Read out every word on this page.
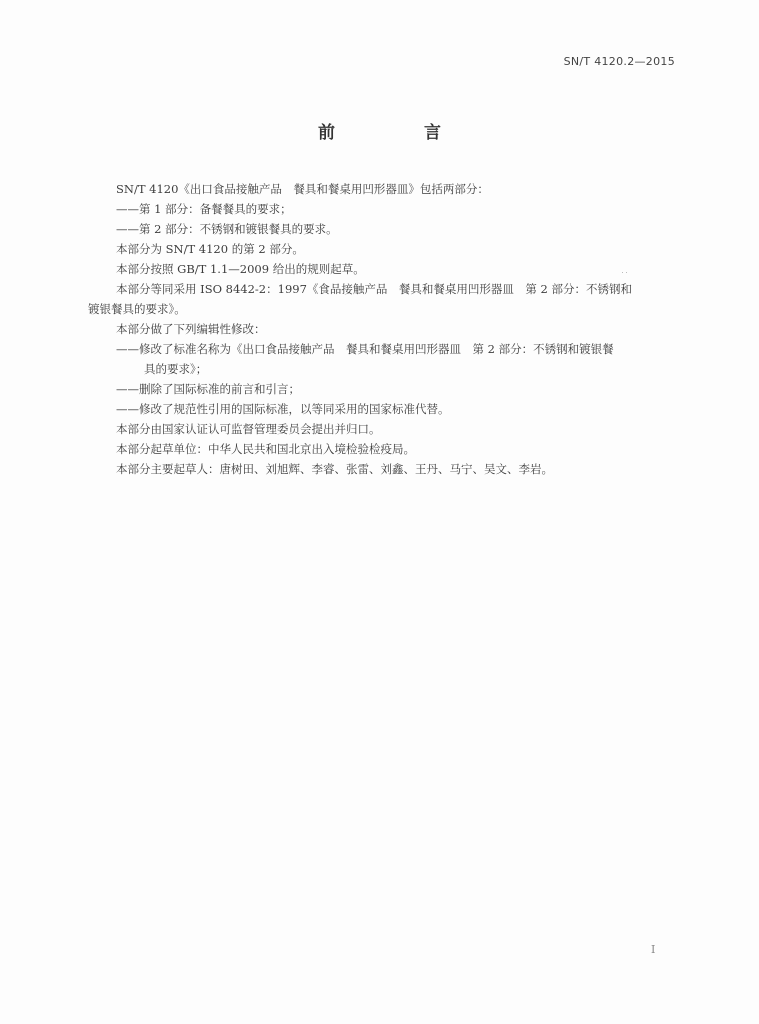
SN/T 4120.2—2015
前　言

SN/T 4120《出口食品接触产品　餐具和餐桌用凹形器皿》包括两部分：

——第 1 部分：备餐餐具的要求；

——第 2 部分：不锈钢和镀银餐具的要求。

本部分为 SN/T 4120 的第 2 部分。

本部分按照 GB/T 1.1—2009 给出的规则起草。

本部分等同采用 ISO 8442-2：1997《食品接触产品　餐具和餐桌用凹形器皿　第 2 部分：不锈钢和

镀银餐具的要求》。

本部分做了下列编辑性修改：

——修改了标准名称为《出口食品接触产品　餐具和餐桌用凹形器皿　第 2 部分：不锈钢和镀银餐

具的要求》；

——删除了国际标准的前言和引言；

——修改了规范性引用的国际标准，以等同采用的国家标准代替。

本部分由国家认证认可监督管理委员会提出并归口。

本部分起草单位：中华人民共和国北京出入境检验检疫局。

本部分主要起草人：唐树田、刘旭辉、李睿、张雷、刘鑫、王丹、马宁、吴文、李岩。

I
